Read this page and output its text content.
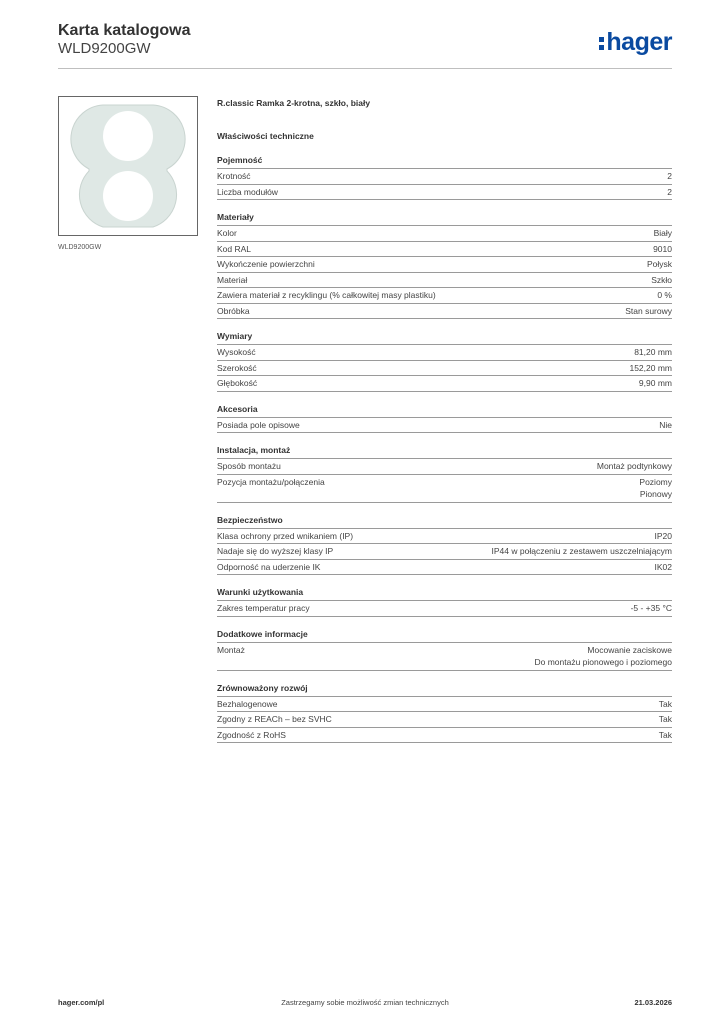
Karta katalogowa
WLD9200GW	hager
WLD9200GW
R.classic Ramka 2-krotna, szkło, biały
Właściwości techniczne
Pojemność
Krotność	2
Liczba modułów	2
Materiały
Kolor	Biały
Kod RAL	9010
Wykończenie powierzchni	Połysk
Materiał	Szkło
Zawiera materiał z recyklingu (% całkowitej masy plastiku)	0 %
Obróbka	Stan surowy
Wymiary
Wysokość	81,20 mm
Szerokość	152,20 mm
Głębokość	9,90 mm
Akcesoria
Posiada pole opisowe	Nie
Instalacja, montaż
Sposób montażu	Montaż podtynkowy
Pozycja montażu/połączenia	Poziomy
Pionowy
Bezpieczeństwo
Klasa ochrony przed wnikaniem (IP)	IP20
Nadaje się do wyższej klasy IP	IP44 w połączeniu z zestawem uszczelniającym
Odporność na uderzenie IK	IK02
Warunki użytkowania
Zakres temperatur pracy	-5 - +35 °C
Dodatkowe informacje
Montaż	Mocowanie zaciskowe
Do montażu pionowego i poziomego
Zrównoważony rozwój
Bezhalogenowe	Tak
Zgodny z REACh – bez SVHC	Tak
Zgodność z RoHS	Tak
hager.com/pl	Zastrzegamy sobie możliwość zmian technicznych	21.03.2026
